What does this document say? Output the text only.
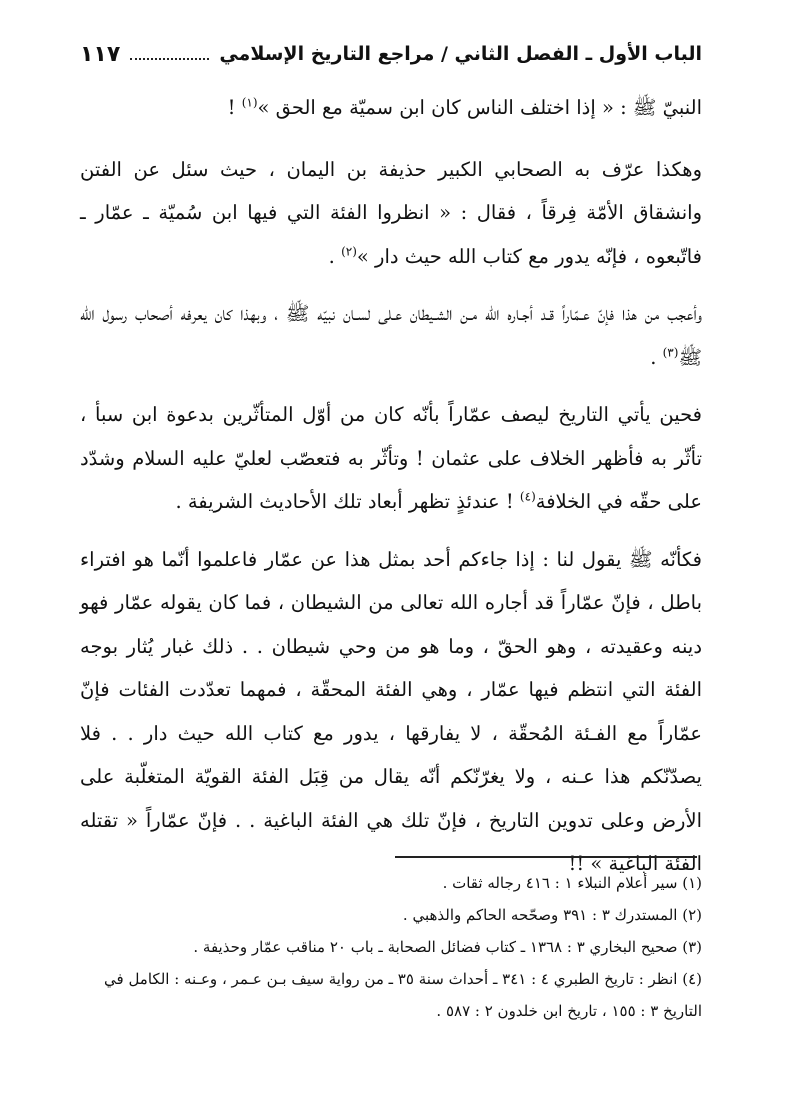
الباب الأول ـ الفصل الثاني / مراجع التاريخ الإسلامي
١١٧

النبيّ ﷺ : « إذا اختلف الناس كان ابن سميّة مع الحق »$^{(١)}$ !

وهكذا عرّف به الصحابي الكبير حذيفة بن اليمان ، حيث سئل عن الفتن وانشقاق الأمّة فِرقاً ، فقال : « انظروا الفئة التي فيها ابن سُميّة ـ عمّار ـ فاتّبعوه ، فإنّه يدور مع كتاب الله حيث دار »$^{(٢)}$ .

وأعجب من هذا فإنّ عـمّاراً قـد أجـاره الله مـن الشـيطان عـلى لسـان نبيّه ﷺ ، وبهذا كان يعرفه أصحاب رسول الله ﷺ$^{(٣)}$ .

فحين يأتي التاريخ ليصف عمّاراً بأنّه كان من أوّل المتأثّرين بدعوة ابن سبأ ، تأثّر به فأظهر الخلاف على عثمان ! وتأثّر به فتعصّب لعليّ عليه السلام وشدّد على حقّه في الخلافة$^{(٤)}$ ! عندئذٍ تظهر أبعاد تلك الأحاديث الشريفة .

فكأنّه ﷺ يقول لنا : إذا جاءكم أحد بمثل هذا عن عمّار فاعلموا أنّما هو افتراء باطل ، فإنّ عمّاراً قد أجاره الله تعالى من الشيطان ، فما كان يقوله عمّار فهو دينه وعقيدته ، وهو الحقّ ، وما هو من وحي شيطان . . ذلك غبار يُثار بوجه الفئة التي انتظم فيها عمّار ، وهي الفئة المحقّة ، فمهما تعدّدت الفئات فإنّ عمّاراً مع الفـئة المُحقّة ، لا يفارقها ، يدور مع كتاب الله حيث دار . . فلا يصدّنّكم هذا عـنه ، ولا يغرّنّكم أنّه يقال من قِبَل الفئة القويّة المتغلّبة على الأرض وعلى تدوين التاريخ ، فإنّ تلك هي الفئة الباغية . . فإنّ عمّاراً « تقتله الفئة الباغية » !!

(١) سير أعلام النبلاء ١ : ٤١٦ رجاله ثقات .

(٢) المستدرك ٣ : ٣٩١ وصحّحه الحاكم والذهبي .

(٣) صحيح البخاري ٣ : ١٣٦٨ ـ كتاب فضائل الصحابة ـ باب ٢٠ مناقب عمّار وحذيفة .

(٤) انظر : تاريخ الطبري ٤ : ٣٤١ ـ أحداث سنة ٣٥ ـ من رواية سيف بـن عـمر ، وعـنه : الكامل في التاريخ ٣ : ١٥٥ ، تاريخ ابن خلدون ٢ : ٥٨٧ .
